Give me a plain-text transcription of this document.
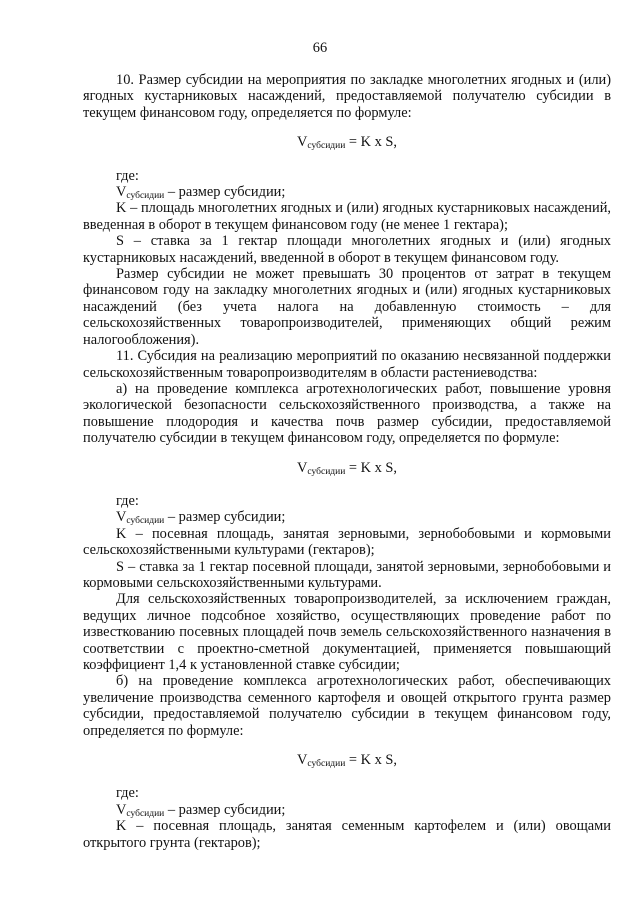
66

10. Размер субсидии на мероприятия по закладке многолетних ягодных и (или) ягодных кустарниковых насаждений, предоставляемой получателю субсидии в текущем финансовом году, определяется по формуле:

$V_{субсидии} = K$ x S,

где:

$V_{субсидии}$ – размер субсидии;

K – площадь многолетних ягодных и (или) ягодных кустарниковых насаждений, введенная в оборот в текущем финансовом году (не менее 1 гектара);

S – ставка за 1 гектар площади многолетних ягодных и (или) ягодных кустарниковых насаждений, введенной в оборот в текущем финансовом году.

Размер субсидии не может превышать 30 процентов от затрат в текущем финансовом году на закладку многолетних ягодных и (или) ягодных кустарниковых насаждений (без учета налога на добавленную стоимость – для сельскохозяйственных товаропроизводителей, применяющих общий режим налогообложения).

11. Субсидия на реализацию мероприятий по оказанию несвязанной поддержки сельскохозяйственным товаропроизводителям в области растениеводства:

а) на проведение комплекса агротехнологических работ, повышение уровня экологической безопасности сельскохозяйственного производства, а также на повышение плодородия и качества почв размер субсидии, предоставляемой получателю субсидии в текущем финансовом году, определяется по формуле:

$V_{субсидии} = K$ x S,

где:

$V_{субсидии}$ – размер субсидии;

K – посевная площадь, занятая зерновыми, зернобобовыми и кормовыми сельскохозяйственными культурами (гектаров);

S – ставка за 1 гектар посевной площади, занятой зерновыми, зернобобовыми и кормовыми сельскохозяйственными культурами.

Для сельскохозяйственных товаропроизводителей, за исключением граждан, ведущих личное подсобное хозяйство, осуществляющих проведение работ по известкованию посевных площадей почв земель сельскохозяйственного назначения в соответствии с проектно-сметной документацией, применяется повышающий коэффициент 1,4 к установленной ставке субсидии;

б) на проведение комплекса агротехнологических работ, обеспечивающих увеличение производства семенного картофеля и овощей открытого грунта размер субсидии, предоставляемой получателю субсидии в текущем финансовом году, определяется по формуле:

$V_{субсидии} = K$ x S,

где:

$V_{субсидии}$ – размер субсидии;

K – посевная площадь, занятая семенным картофелем и (или) овощами открытого грунта (гектаров);
